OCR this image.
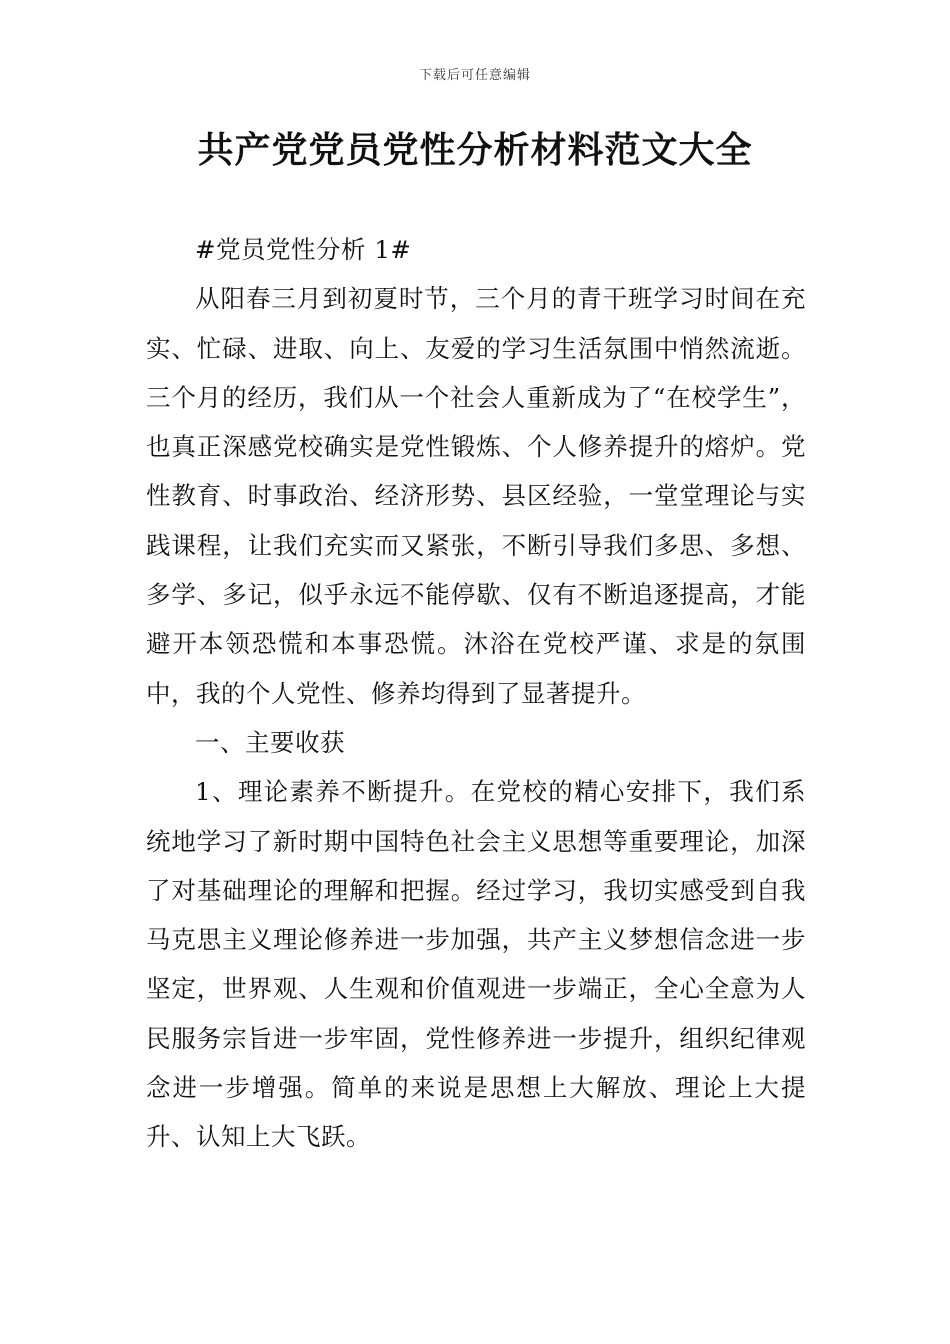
下载后可任意编辑
共产党党员党性分析材料范文大全

#党员党性分析 1#

从阳春三月到初夏时节，三个月的青干班学习时间在充实、忙碌、进取、向上、友爱的学习生活氛围中悄然流逝。三个月的经历，我们从一个社会人重新成为了“在校学生”，也真正深感党校确实是党性锻炼、个人修养提升的熔炉。党性教育、时事政治、经济形势、县区经验，一堂堂理论与实践课程，让我们充实而又紧张，不断引导我们多思、多想、多学、多记，似乎永远不能停歇、仅有不断追逐提高，才能避开本领恐慌和本事恐慌。沐浴在党校严谨、求是的氛围中，我的个人党性、修养均得到了显著提升。

一、主要收获

1、理论素养不断提升。在党校的精心安排下，我们系统地学习了新时期中国特色社会主义思想等重要理论，加深了对基础理论的理解和把握。经过学习，我切实感受到自我马克思主义理论修养进一步加强，共产主义梦想信念进一步坚定，世界观、人生观和价值观进一步端正，全心全意为人民服务宗旨进一步牢固，党性修养进一步提升，组织纪律观念进一步增强。简单的来说是思想上大解放、理论上大提升、认知上大飞跃。
